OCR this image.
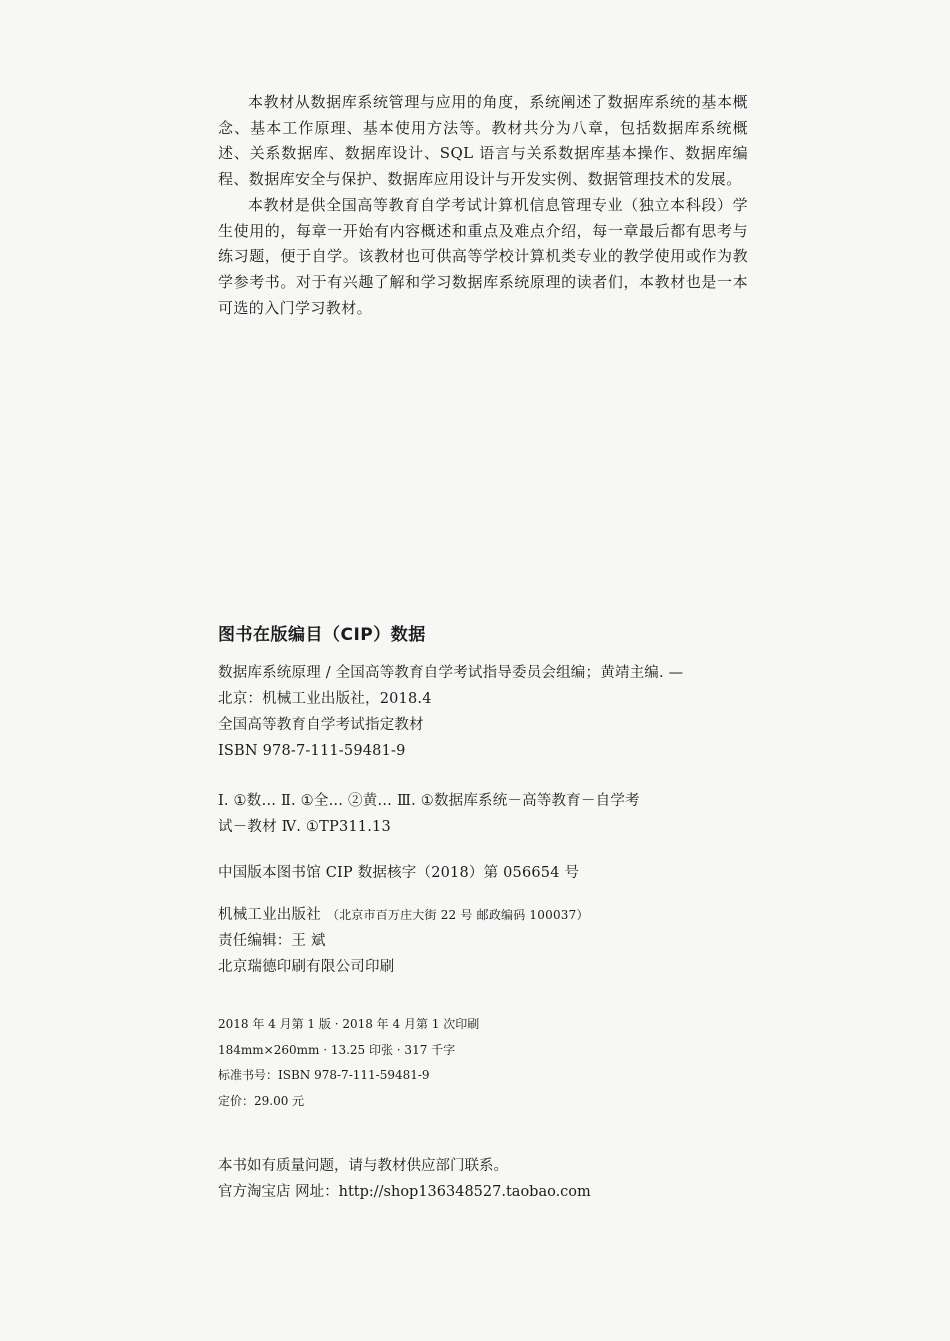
本教材从数据库系统管理与应用的角度，系统阐述了数据库系统的基本概念、基本工作原理、基本使用方法等。教材共分为八章，包括数据库系统概述、关系数据库、数据库设计、SQL 语言与关系数据库基本操作、数据库编程、数据库安全与保护、数据库应用设计与开发实例、数据管理技术的发展。

本教材是供全国高等教育自学考试计算机信息管理专业（独立本科段）学生使用的，每章一开始有内容概述和重点及难点介绍，每一章最后都有思考与练习题，便于自学。该教材也可供高等学校计算机类专业的教学使用或作为教学参考书。对于有兴趣了解和学习数据库系统原理的读者们，本教材也是一本可选的入门学习教材。

图书在版编目（CIP）数据
数据库系统原理 / 全国高等教育自学考试指导委员会组编；黄靖主编. —
北京：机械工业出版社，2018.4
全国高等教育自学考试指定教材
ISBN 978-7-111-59481-9
Ⅰ. ①数… Ⅱ. ①全… ②黄… Ⅲ. ①数据库系统－高等教育－自学考
试－教材 Ⅳ. ①TP311.13
中国版本图书馆 CIP 数据核字（2018）第 056654 号
机械工业出版社 （北京市百万庄大街 22 号 邮政编码 100037）
责任编辑：王 斌
北京瑞德印刷有限公司印刷
2018 年 4 月第 1 版 · 2018 年 4 月第 1 次印刷
184mm×260mm · 13.25 印张 · 317 千字
标准书号：ISBN 978-7-111-59481-9
定价：29.00 元
本书如有质量问题，请与教材供应部门联系。
官方淘宝店 网址：http://shop136348527.taobao.com
